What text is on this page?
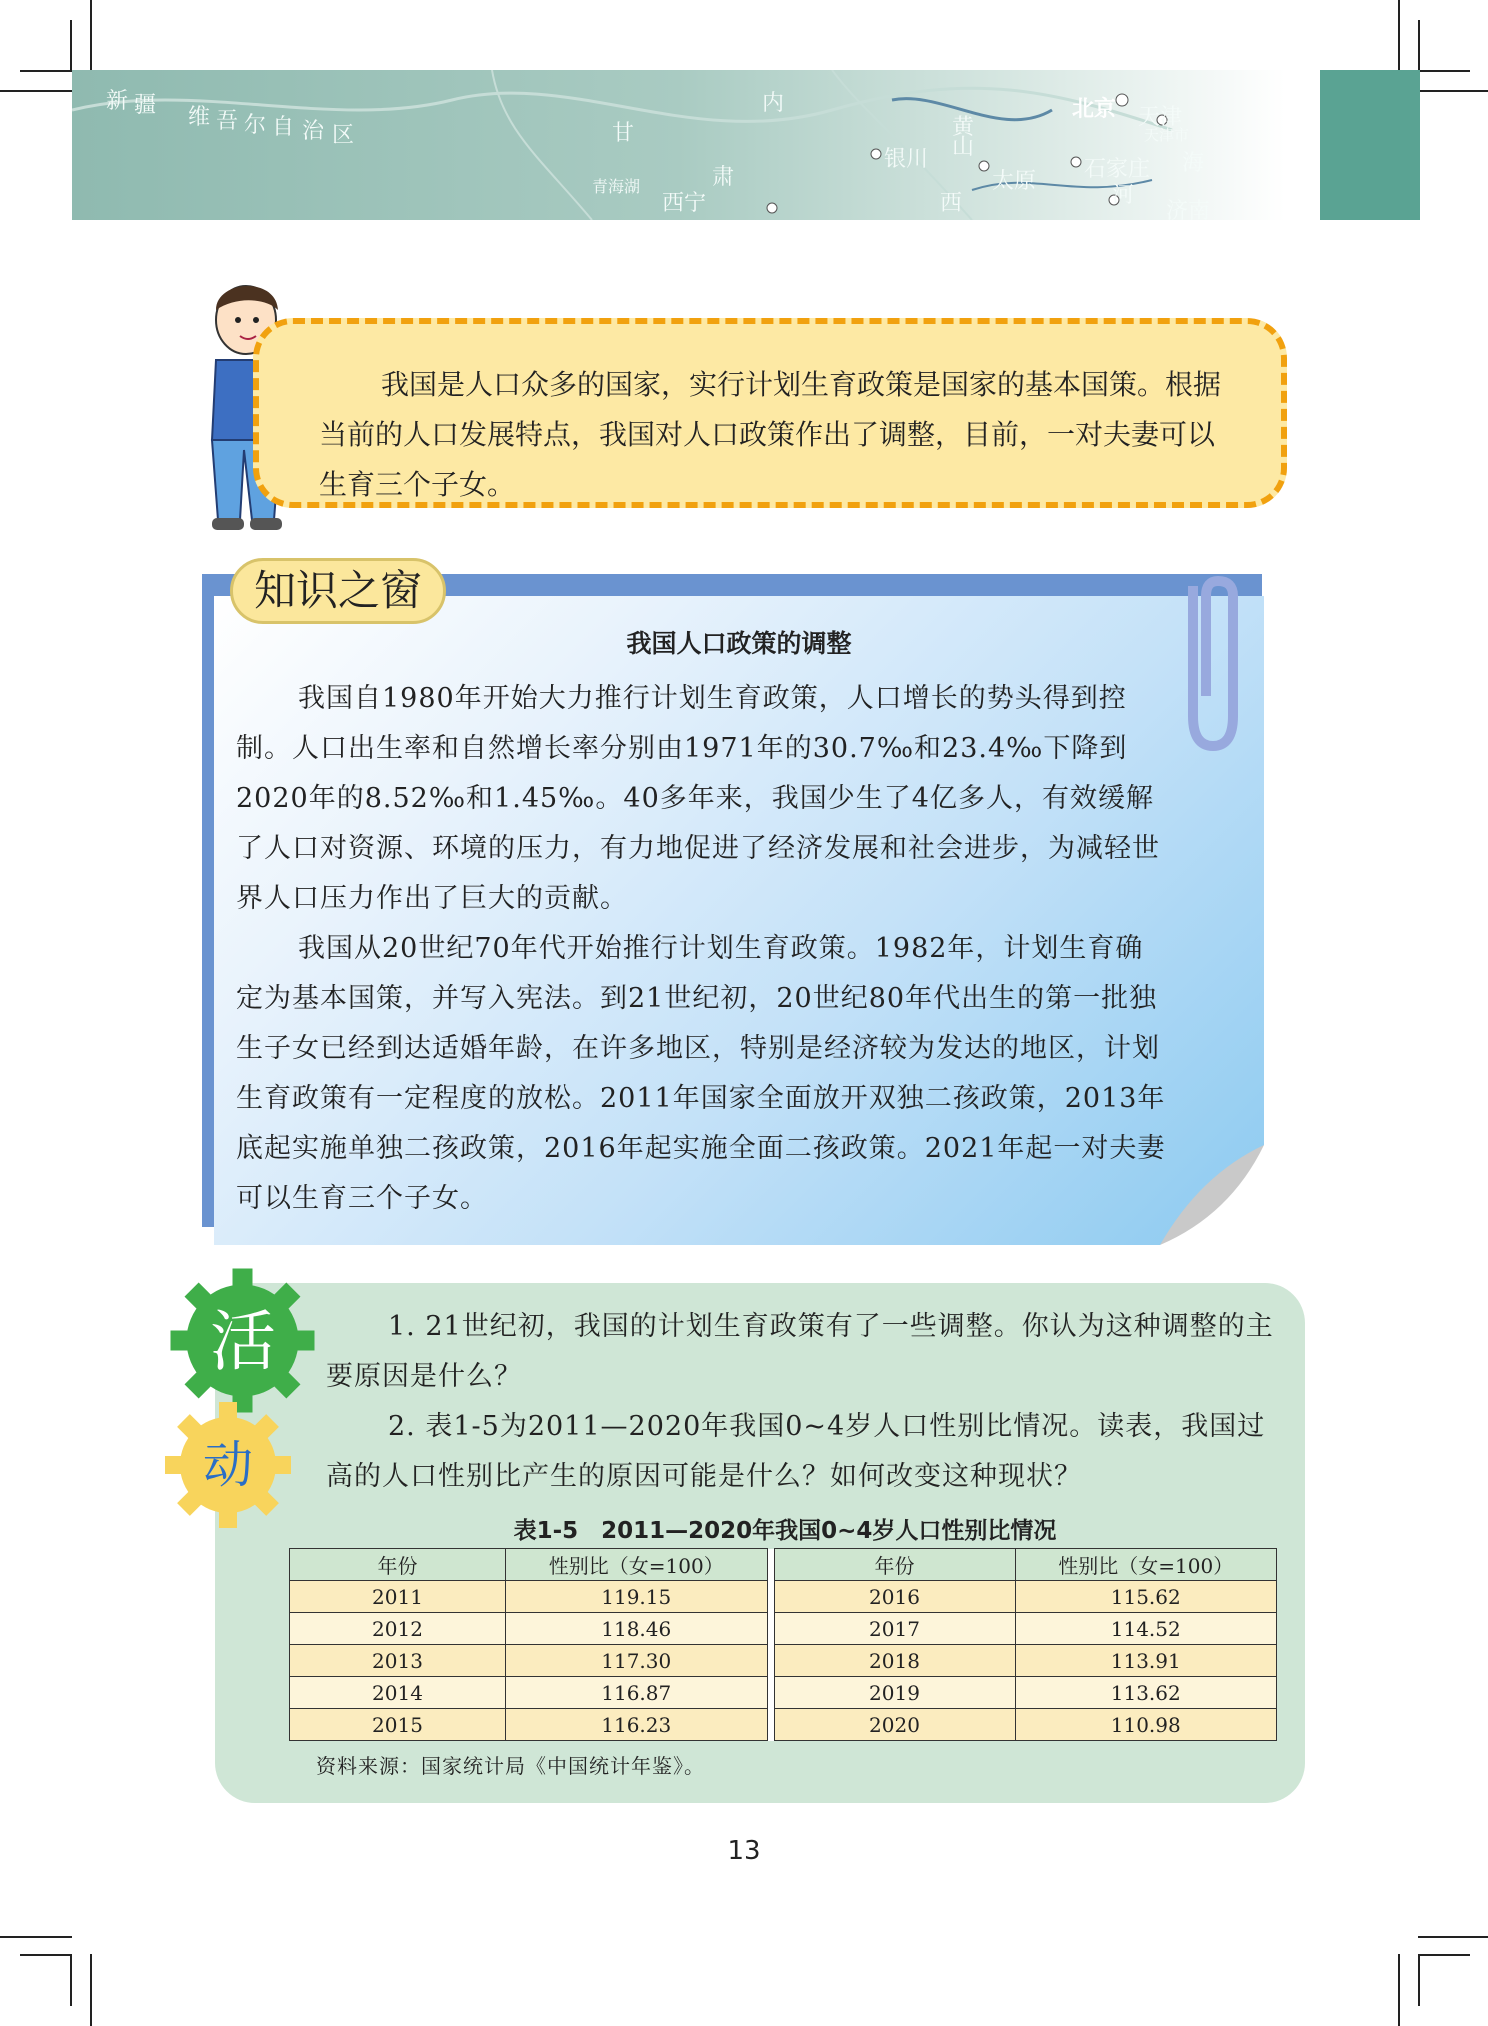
新 疆 维 吾 尔 自 治 区	甘
内
青海湖
西宁
肃
银川
黄
太原 石家庄
北京 天津
天津市
山
西	河
济南
海

我国是人口众多的国家，实行计划生育政策是国家的基本国策。根据当前的人口发展特点，我国对人口政策作出了调整，目前，一对夫妻可以生育三个子女。

知识之窗
我国人口政策的调整

我国自1980年开始大力推行计划生育政策，人口增长的势头得到控制。人口出生率和自然增长率分别由1971年的30.7‰和23.4‰下降到2020年的8.52‰和1.45‰。40多年来，我国少生了4亿多人，有效缓解了人口对资源、环境的压力，有力地促进了经济发展和社会进步，为减轻世界人口压力作出了巨大的贡献。

我国从20世纪70年代开始推行计划生育政策。1982年，计划生育确定为基本国策，并写入宪法。到21世纪初，20世纪80年代出生的第一批独生子女已经到达适婚年龄，在许多地区，特别是经济较为发达的地区，计划生育政策有一定程度的放松。2011年国家全面放开双独二孩政策，2013年底起实施单独二孩政策，2016年起实施全面二孩政策。2021年起一对夫妻可以生育三个子女。

活
动

1. 21世纪初，我国的计划生育政策有了一些调整。你认为这种调整的主要原因是什么？

2. 表1-5为2011—2020年我国0~4岁人口性别比情况。读表，我国过高的人口性别比产生的原因可能是什么？如何改变这种现状？

表1-5　2011—2020年我国0~4岁人口性别比情况
年份	性别比（女=100）		年份	性别比（女=100）
2011	119.15		2016	115.62
2012	118.46		2017	114.52
2013	117.30		2018	113.91
2014	116.87		2019	113.62
2015	116.23		2020	110.98
资料来源：国家统计局《中国统计年鉴》。
13
